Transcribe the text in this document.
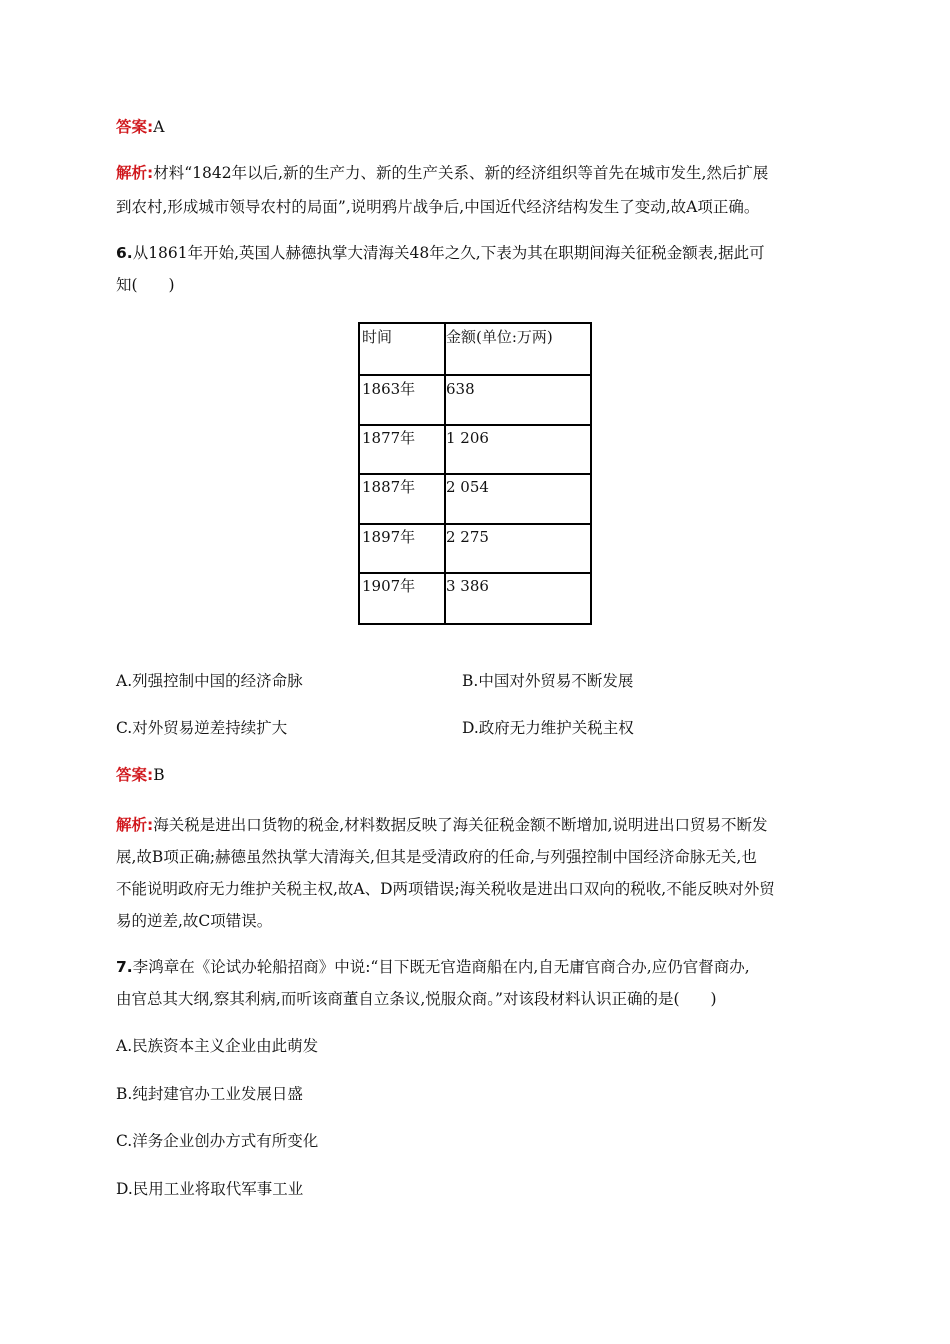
答案:A
解析:材料“1842年以后,新的生产力、新的生产关系、新的经济组织等首先在城市发生,然后扩展
到农村,形成城市领导农村的局面”,说明鸦片战争后,中国近代经济结构发生了变动,故A项正确。
6.从1861年开始,英国人赫德执掌大清海关48年之久,下表为其在职期间海关征税金额表,据此可
知(　　)
时间	金额(单位:万两)
1863年 638
1877年 1 206
1887年 2 054
1897年 2 275
1907年 3 386
A.列强控制中国的经济命脉	B.中国对外贸易不断发展
C.对外贸易逆差持续扩大	D.政府无力维护关税主权
答案:B
解析:海关税是进出口货物的税金,材料数据反映了海关征税金额不断增加,说明进出口贸易不断发
展,故B项正确;赫德虽然执掌大清海关,但其是受清政府的任命,与列强控制中国经济命脉无关,也
不能说明政府无力维护关税主权,故A、D两项错误;海关税收是进出口双向的税收,不能反映对外贸
易的逆差,故C项错误。
7.李鸿章在《论试办轮船招商》中说:“目下既无官造商船在内,自无庸官商合办,应仍官督商办,
由官总其大纲,察其利病,而听该商董自立条议,悦服众商。”对该段材料认识正确的是(　　)
A.民族资本主义企业由此萌发
B.纯封建官办工业发展日盛
C.洋务企业创办方式有所变化
D.民用工业将取代军事工业
